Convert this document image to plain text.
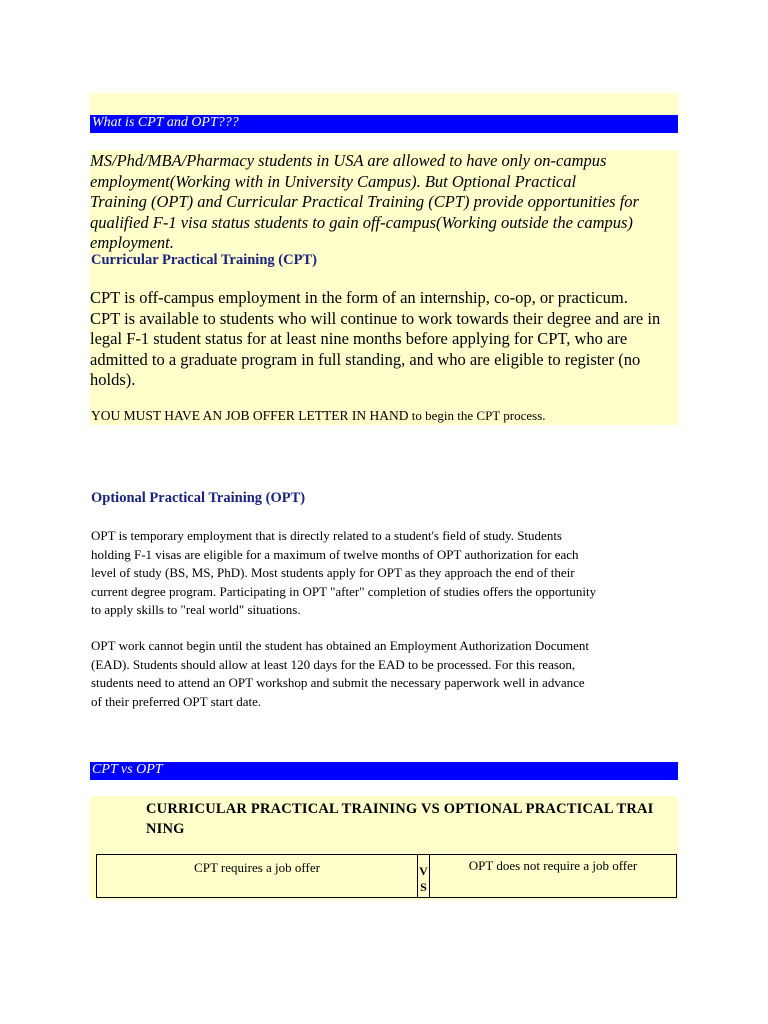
What is CPT and OPT???
MS/Phd/MBA/Pharmacy students in USA are allowed to have only on-campus
employment(Working with in University Campus). But Optional Practical
Training (OPT) and Curricular Practical Training (CPT) provide opportunities for
qualified F-1 visa status students to gain off-campus(Working outside the campus)
employment.
Curricular Practical Training (CPT)
CPT is off-campus employment in the form of an internship, co-op, or practicum.
CPT is available to students who will continue to work towards their degree and are in
legal F-1 student status for at least nine months before applying for CPT, who are
admitted to a graduate program in full standing, and who are eligible to register (no
holds).
YOU MUST HAVE AN JOB OFFER LETTER IN HAND to begin the CPT process.
Optional Practical Training (OPT)
OPT is temporary employment that is directly related to a student's field of study. Students
holding F-1 visas are eligible for a maximum of twelve months of OPT authorization for each
level of study (BS, MS, PhD). Most students apply for OPT as they approach the end of their
current degree program. Participating in OPT "after" completion of studies offers the opportunity
to apply skills to "real world" situations.
OPT work cannot begin until the student has obtained an Employment Authorization Document
(EAD). Students should allow at least 120 days for the EAD to be processed. For this reason,
students need to attend an OPT workshop and submit the necessary paperwork well in advance
of their preferred OPT start date.
CPT vs OPT
CURRICULAR PRACTICAL TRAINING VS OPTIONAL PRACTICAL TRAI
NING
CPT requires a job offer	V
S
OPT does not require a job offer
